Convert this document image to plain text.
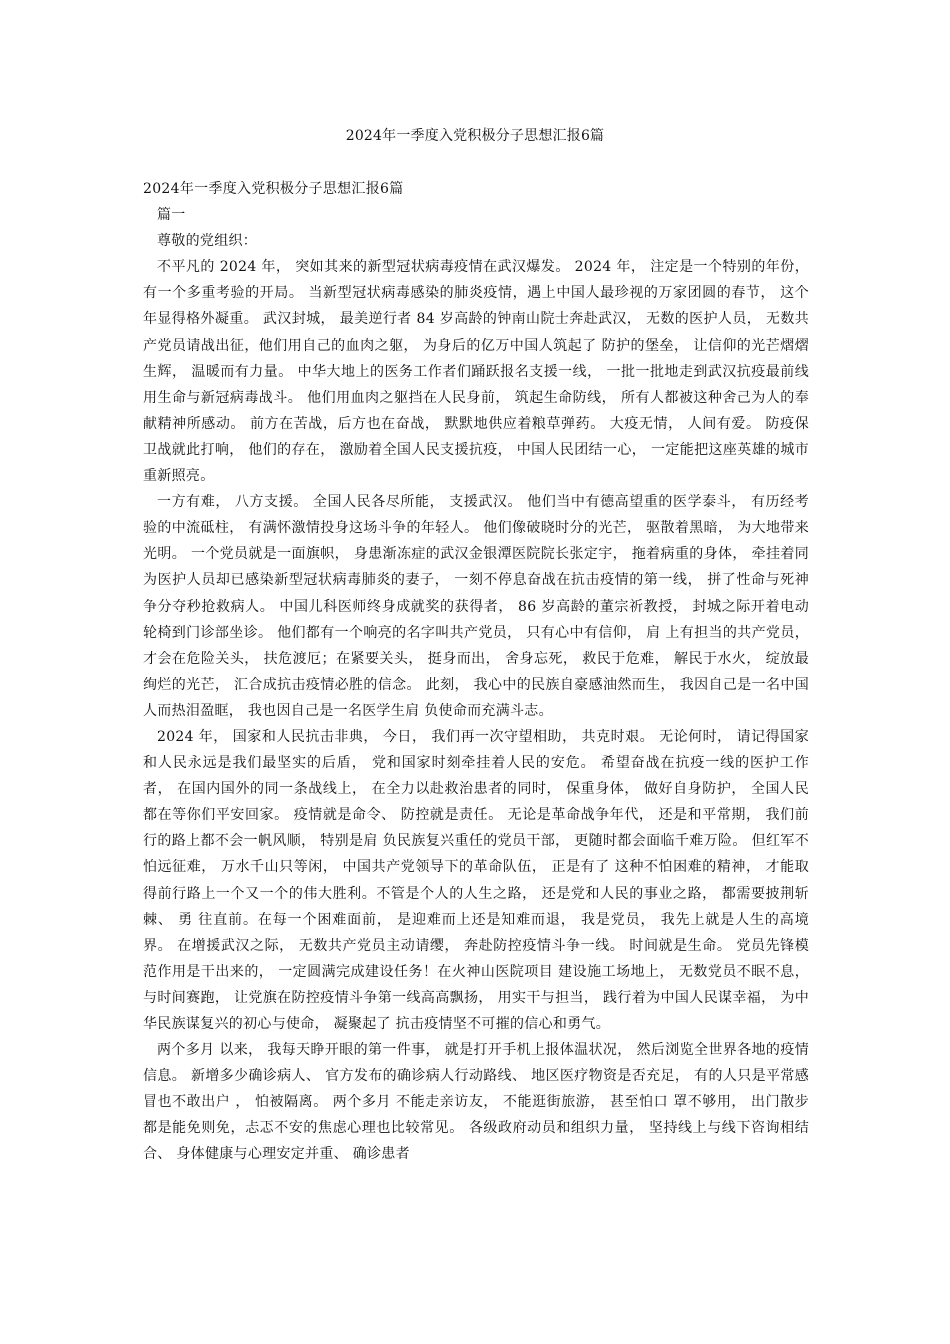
2024年一季度入党积极分子思想汇报6篇

2024年一季度入党积极分子思想汇报6篇

篇一

尊敬的党组织：

不平凡的 2024 年， 突如其来的新型冠状病毒疫情在武汉爆发。 2024 年， 注定是一个特别的年份， 有一个多重考验的开局。 当新型冠状病毒感染的肺炎疫情，遇上中国人最珍视的万家团圆的春节， 这个年显得格外凝重。 武汉封城， 最美逆行者 84 岁高龄的钟南山院士奔赴武汉， 无数的医护人员， 无数共产党员请战出征，他们用自己的血肉之躯， 为身后的亿万中国人筑起了 防护的堡垒， 让信仰的光芒熠熠生辉， 温暖而有力量。 中华大地上的医务工作者们踊跃报名支援一线， 一批一批地走到武汉抗疫最前线用生命与新冠病毒战斗。 他们用血肉之躯挡在人民身前， 筑起生命防线， 所有人都被这种舍己为人的奉献精神所感动。 前方在苦战，后方也在奋战， 默默地供应着粮草弹药。 大疫无情， 人间有爱。 防疫保卫战就此打响， 他们的存在， 激励着全国人民支援抗疫， 中国人民团结一心， 一定能把这座英雄的城市重新照亮。

一方有难， 八方支援。 全国人民各尽所能， 支援武汉。 他们当中有德高望重的医学泰斗， 有历经考验的中流砥柱， 有满怀激情投身这场斗争的年轻人。 他们像破晓时分的光芒， 驱散着黑暗， 为大地带来光明。 一个党员就是一面旗帜， 身患渐冻症的武汉金银潭医院院长张定宇， 拖着病重的身体， 牵挂着同为医护人员却已感染新型冠状病毒肺炎的妻子， 一刻不停息奋战在抗击疫情的第一线， 拼了性命与死神争分夺秒抢救病人。 中国儿科医师终身成就奖的获得者， 86 岁高龄的董宗祈教授， 封城之际开着电动轮椅到门诊部坐诊。 他们都有一个响亮的名字叫共产党员， 只有心中有信仰， 肩 上有担当的共产党员， 才会在危险关头， 扶危渡厄；在紧要关头， 挺身而出， 舍身忘死， 救民于危难， 解民于水火， 绽放最绚烂的光芒， 汇合成抗击疫情必胜的信念。 此刻， 我心中的民族自豪感油然而生， 我因自己是一名中国人而热泪盈眶， 我也因自己是一名医学生肩 负使命而充满斗志。

2024 年， 国家和人民抗击非典， 今日， 我们再一次守望相助， 共克时艰。 无论何时， 请记得国家和人民永远是我们最坚实的后盾， 党和国家时刻牵挂着人民的安危。 希望奋战在抗疫一线的医护工作者， 在国内国外的同一条战线上， 在全力以赴救治患者的同时， 保重身体， 做好自身防护， 全国人民都在等你们平安回家。 疫情就是命令、 防控就是责任。 无论是革命战争年代， 还是和平常期， 我们前行的路上都不会一帆风顺， 特别是肩 负民族复兴重任的党员干部， 更随时都会面临千难万险。 但红军不怕远征难， 万水千山只等闲， 中国共产党领导下的革命队伍， 正是有了 这种不怕困难的精神， 才能取得前行路上一个又一个的伟大胜利。不管是个人的人生之路， 还是党和人民的事业之路， 都需要披荆斩棘、 勇 往直前。在每一个困难面前， 是迎难而上还是知难而退， 我是党员， 我先上就是人生的高境界。 在增援武汉之际， 无数共产党员主动请缨， 奔赴防控疫情斗争一线。 时间就是生命。 党员先锋模范作用是干出来的， 一定圆满完成建设任务！在火神山医院项目 建设施工场地上， 无数党员不眠不息， 与时间赛跑， 让党旗在防控疫情斗争第一线高高飘扬， 用实干与担当， 践行着为中国人民谋幸福， 为中华民族谋复兴的初心与使命， 凝聚起了 抗击疫情坚不可摧的信心和勇气。

两个多月 以来， 我每天睁开眼的第一件事， 就是打开手机上报体温状况， 然后浏览全世界各地的疫情信息。 新增多少确诊病人、 官方发布的确诊病人行动路线、 地区医疗物资是否充足， 有的人只是平常感冒也不敢出户 ， 怕被隔离。 两个多月 不能走亲访友， 不能逛街旅游， 甚至怕口 罩不够用， 出门散步都是能免则免，忐忑不安的焦虑心理也比较常见。 各级政府动员和组织力量， 坚持线上与线下咨询相结合、 身体健康与心理安定并重、 确诊患者
